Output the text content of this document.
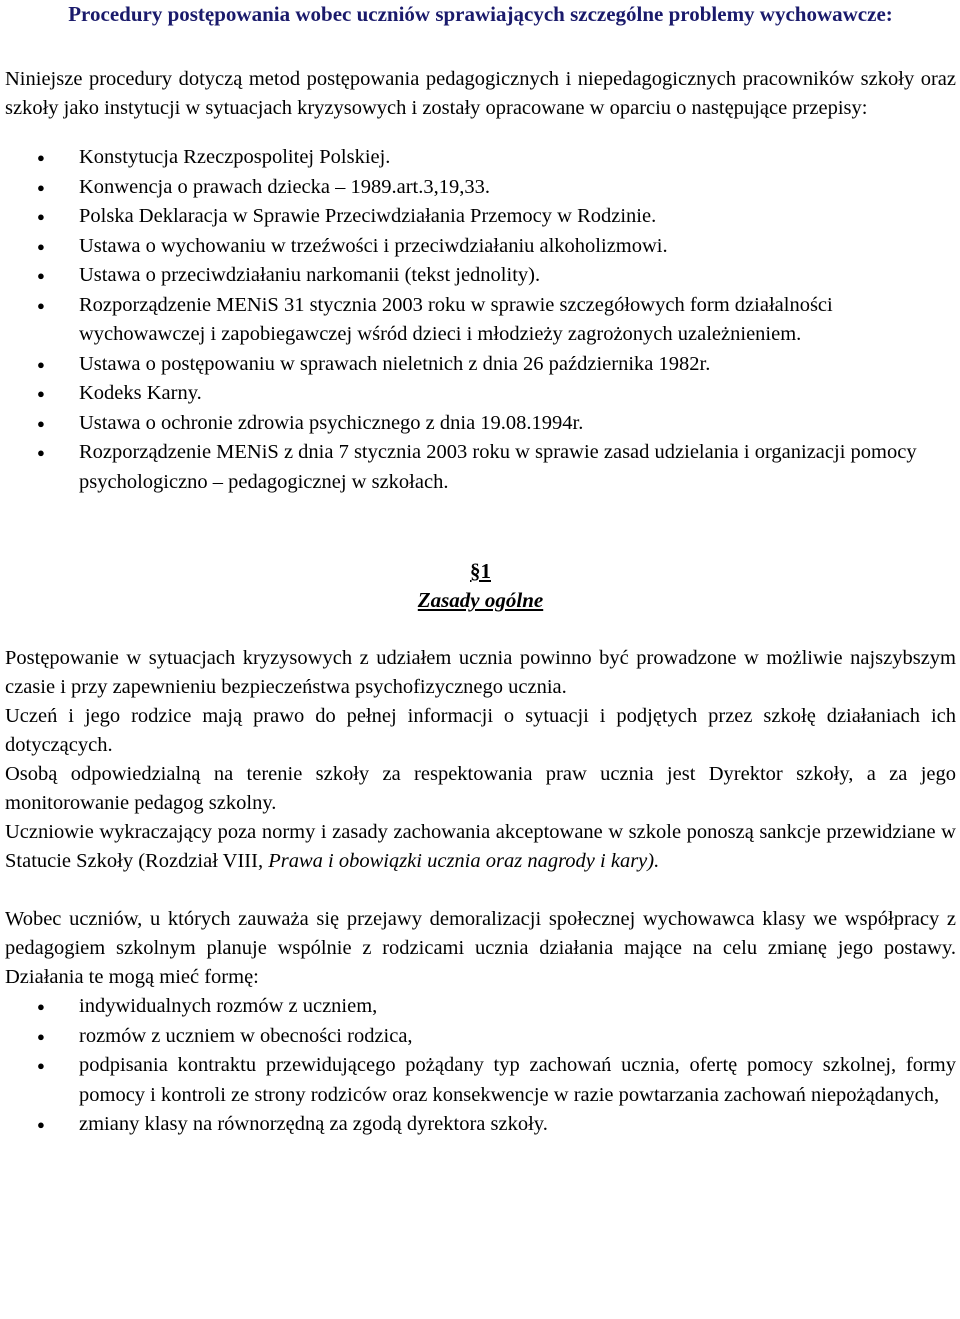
Procedury postępowania wobec uczniów sprawiających szczególne problemy wychowawcze:

Niniejsze procedury dotyczą metod postępowania pedagogicznych i niepedagogicznych pracowników szkoły oraz szkoły jako instytucji w sytuacjach kryzysowych i zostały opracowane w oparciu o następujące przepisy:

● Konstytucja Rzeczpospolitej Polskiej.
● Konwencja o prawach dziecka – 1989.art.3,19,33.
● Polska Deklaracja w Sprawie Przeciwdziałania Przemocy w Rodzinie.
● Ustawa o wychowaniu w trzeźwości i przeciwdziałaniu alkoholizmowi.
● Ustawa o przeciwdziałaniu narkomanii (tekst jednolity).
● Rozporządzenie MENiS 31 stycznia 2003 roku w sprawie szczegółowych form działalności wychowawczej i zapobiegawczej wśród dzieci i młodzieży zagrożonych uzależnieniem.
● Ustawa o postępowaniu w sprawach nieletnich z dnia 26 października 1982r.
● Kodeks Karny.
● Ustawa o ochronie zdrowia psychicznego z dnia 19.08.1994r.
● Rozporządzenie MENiS z dnia 7 stycznia 2003 roku w sprawie zasad udzielania i organizacji pomocy psychologiczno – pedagogicznej w szkołach.
§1
Zasady ogólne

Postępowanie w sytuacjach kryzysowych z udziałem ucznia powinno być prowadzone w możliwie najszybszym czasie i przy zapewnieniu bezpieczeństwa psychofizycznego ucznia.

Uczeń i jego rodzice mają prawo do pełnej informacji o sytuacji i podjętych przez szkołę działaniach ich dotyczących.

Osobą odpowiedzialną na terenie szkoły za respektowania praw ucznia jest Dyrektor szkoły, a za jego monitorowanie pedagog szkolny.

Uczniowie wykraczający poza normy i zasady zachowania akceptowane w szkole ponoszą sankcje przewidziane w Statucie Szkoły (Rozdział VIII, Prawa i obowiązki ucznia oraz nagrody i kary).

Wobec uczniów, u których zauważa się przejawy demoralizacji społecznej wychowawca klasy we współpracy z pedagogiem szkolnym planuje wspólnie z rodzicami ucznia działania mające na celu zmianę jego postawy. Działania te mogą mieć formę:

● indywidualnych rozmów z uczniem,
● rozmów z uczniem w obecności rodzica,
● podpisania kontraktu przewidującego pożądany typ zachowań ucznia, ofertę pomocy szkolnej, formy pomocy i kontroli ze strony rodziców oraz konsekwencje w razie powtarzania zachowań niepożądanych,
● zmiany klasy na równorzędną za zgodą dyrektora szkoły.
